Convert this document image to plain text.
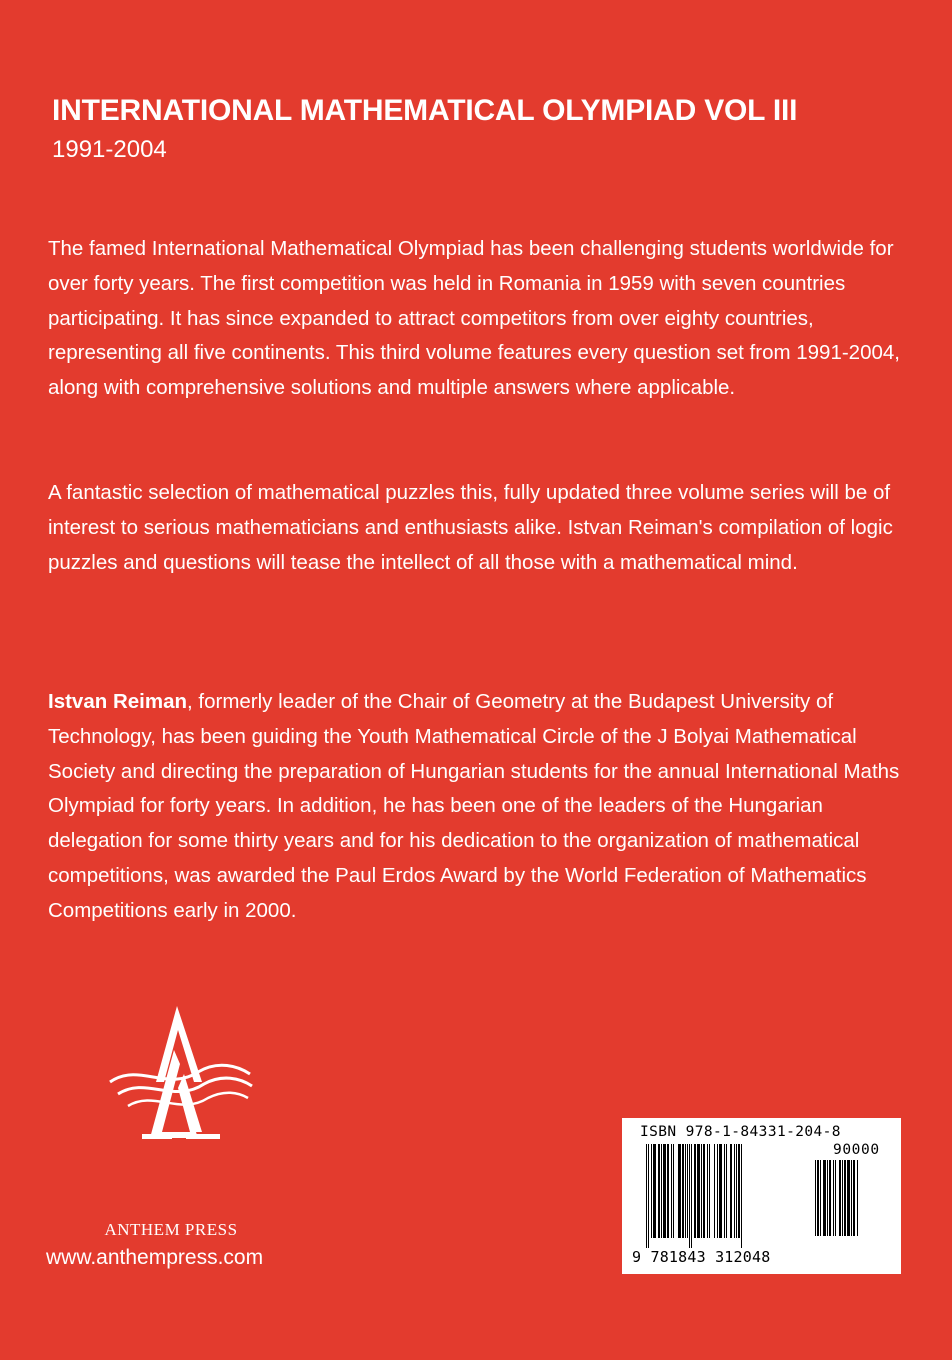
INTERNATIONAL MATHEMATICAL OLYMPIAD VOL III
1991-2004

The famed International Mathematical Olympiad has been challenging students worldwide for over forty years. The first competition was held in Romania in 1959 with seven countries participating. It has since expanded to attract competitors from over eighty countries, representing all five continents. This third volume features every question set from 1991-2004, along with comprehensive solutions and multiple answers where applicable.

A fantastic selection of mathematical puzzles this, fully updated three volume series will be of interest to serious mathematicians and enthusiasts alike. Istvan Reiman's compilation of logic puzzles and questions will tease the intellect of all those with a mathematical mind.

Istvan Reiman, formerly leader of the Chair of Geometry at the Budapest University of Technology, has been guiding the Youth Mathematical Circle of the J Bolyai Mathematical Society and directing the preparation of Hungarian students for the annual International Maths Olympiad for forty years. In addition, he has been one of the leaders of the Hungarian delegation for some thirty years and for his dedication to the organization of mathematical competitions, was awarded the Paul Erdos Award by the World Federation of Mathematics Competitions early in 2000.

ANTHEM PRESS
www.anthempress.com
ISBN 978-1-84331-204-8
90000
9 781843 312048
